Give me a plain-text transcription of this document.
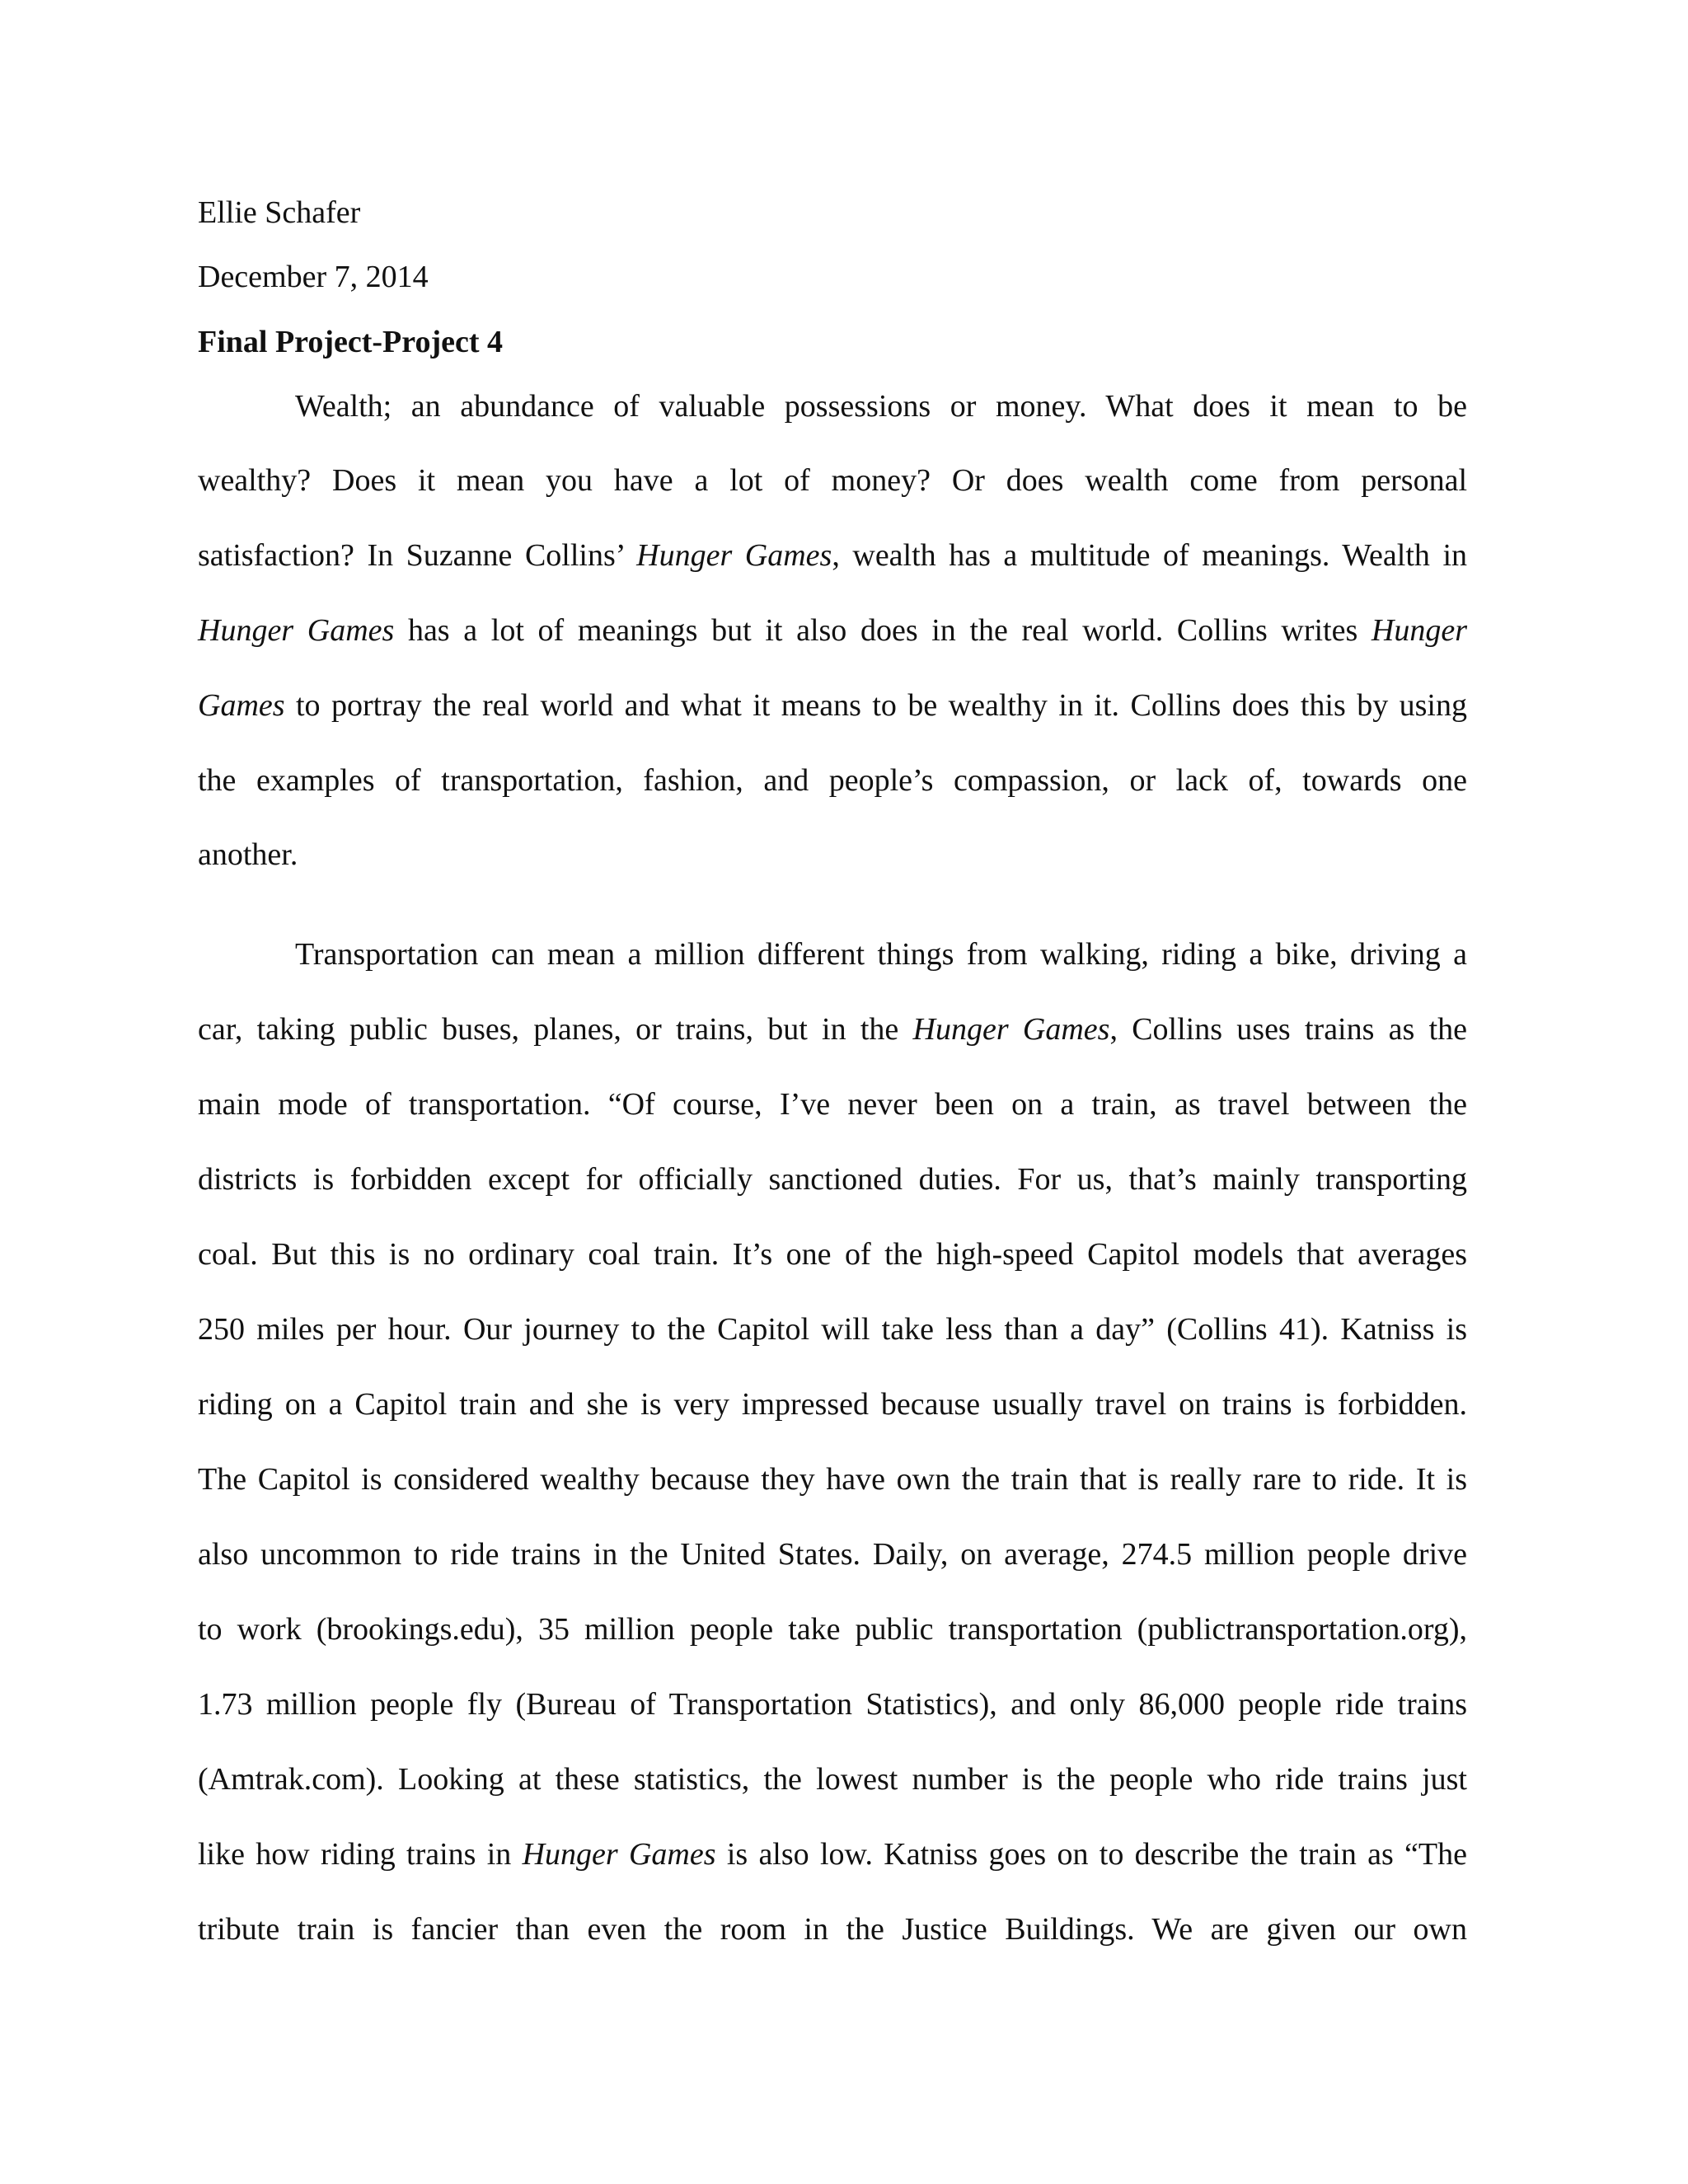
Ellie Schafer
December 7, 2014
Final Project-Project 4
Wealth; an abundance of valuable possessions or money. What does it mean to be
wealthy? Does it mean you have a lot of money? Or does wealth come from personal
satisfaction? In Suzanne Collins’ Hunger Games, wealth has a multitude of meanings. Wealth in
Hunger Games has a lot of meanings but it also does in the real world. Collins writes Hunger
Games to portray the real world and what it means to be wealthy in it. Collins does this by using
the examples of transportation, fashion, and people’s compassion, or lack of, towards one
another.
Transportation can mean a million different things from walking, riding a bike, driving a
car, taking public buses, planes, or trains, but in the Hunger Games, Collins uses trains as the
main mode of transportation. “Of course, I’ve never been on a train, as travel between the
districts is forbidden except for officially sanctioned duties. For us, that’s mainly transporting
coal. But this is no ordinary coal train. It’s one of the high-speed Capitol models that averages
250 miles per hour. Our journey to the Capitol will take less than a day” (Collins 41). Katniss is
riding on a Capitol train and she is very impressed because usually travel on trains is forbidden.
The Capitol is considered wealthy because they have own the train that is really rare to ride. It is
also uncommon to ride trains in the United States. Daily, on average, 274.5 million people drive
to work (brookings.edu), 35 million people take public transportation (publictransportation.org),
1.73 million people fly (Bureau of Transportation Statistics), and only 86,000 people ride trains
(Amtrak.com). Looking at these statistics, the lowest number is the people who ride trains just
like how riding trains in Hunger Games is also low. Katniss goes on to describe the train as “The
tribute train is fancier than even the room in the Justice Buildings. We are given our own
